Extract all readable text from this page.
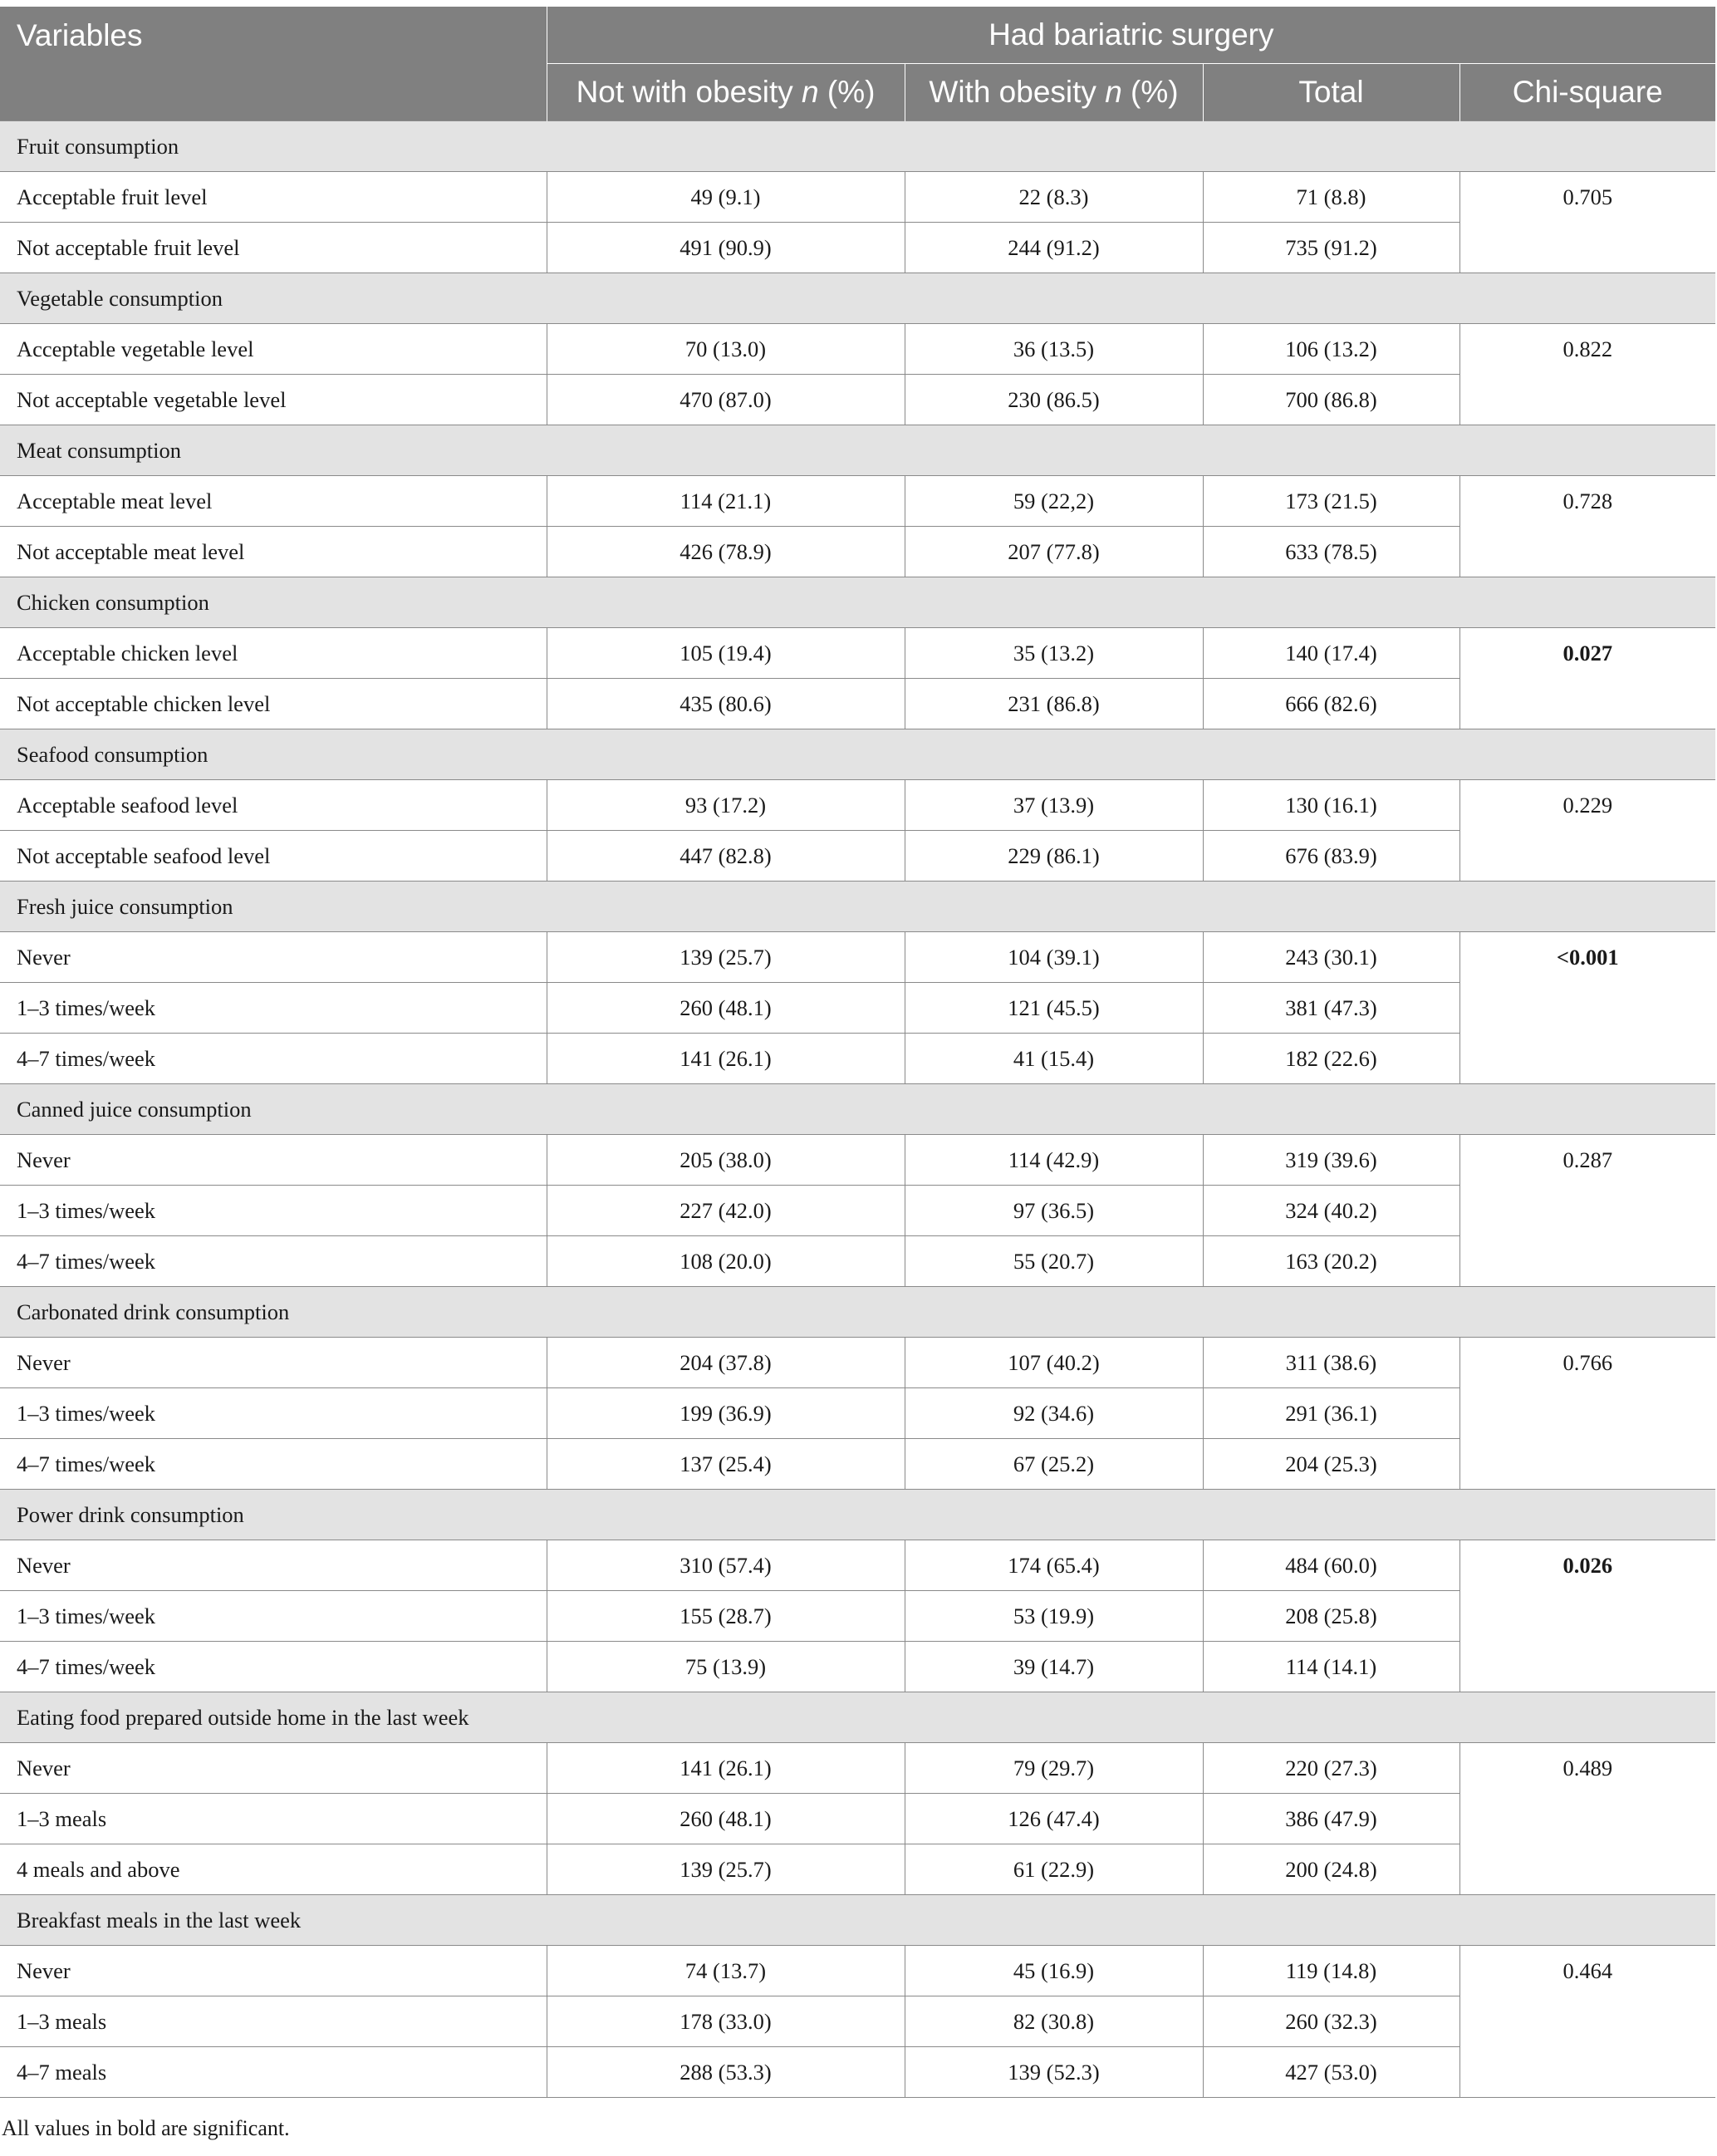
Variables	Had bariatric surgery			
	Not with obesity n (%)	With obesity n (%)	Total	Chi-square
Fruit consumption				
Acceptable fruit level	49 (9.1)	22 (8.3)	71 (8.8)	0.705
Not acceptable fruit level	491 (90.9)	244 (91.2)	735 (91.2)	
Vegetable consumption				
Acceptable vegetable level	70 (13.0)	36 (13.5)	106 (13.2)	0.822
Not acceptable vegetable level	470 (87.0)	230 (86.5)	700 (86.8)	
Meat consumption				
Acceptable meat level	114 (21.1)	59 (22,2)	173 (21.5)	0.728
Not acceptable meat level	426 (78.9)	207 (77.8)	633 (78.5)	
Chicken consumption				
Acceptable chicken level	105 (19.4)	35 (13.2)	140 (17.4)	0.027
Not acceptable chicken level	435 (80.6)	231 (86.8)	666 (82.6)	
Seafood consumption				
Acceptable seafood level	93 (17.2)	37 (13.9)	130 (16.1)	0.229
Not acceptable seafood level	447 (82.8)	229 (86.1)	676 (83.9)	
Fresh juice consumption				
Never	139 (25.7)	104 (39.1)	243 (30.1)	<0.001
1–3 times/week	260 (48.1)	121 (45.5)	381 (47.3)	
4–7 times/week	141 (26.1)	41 (15.4)	182 (22.6)	
Canned juice consumption				
Never	205 (38.0)	114 (42.9)	319 (39.6)	0.287
1–3 times/week	227 (42.0)	97 (36.5)	324 (40.2)	
4–7 times/week	108 (20.0)	55 (20.7)	163 (20.2)	
Carbonated drink consumption				
Never	204 (37.8)	107 (40.2)	311 (38.6)	0.766
1–3 times/week	199 (36.9)	92 (34.6)	291 (36.1)	
4–7 times/week	137 (25.4)	67 (25.2)	204 (25.3)	
Power drink consumption				
Never	310 (57.4)	174 (65.4)	484 (60.0)	0.026
1–3 times/week	155 (28.7)	53 (19.9)	208 (25.8)	
4–7 times/week	75 (13.9)	39 (14.7)	114 (14.1)	
Eating food prepared outside home in the last week				
Never	141 (26.1)	79 (29.7)	220 (27.3)	0.489
1–3 meals	260 (48.1)	126 (47.4)	386 (47.9)	
4 meals and above	139 (25.7)	61 (22.9)	200 (24.8)	
Breakfast meals in the last week				
Never	74 (13.7)	45 (16.9)	119 (14.8)	0.464
1–3 meals	178 (33.0)	82 (30.8)	260 (32.3)	
4–7 meals	288 (53.3)	139 (52.3)	427 (53.0)	
All values in bold are significant.
